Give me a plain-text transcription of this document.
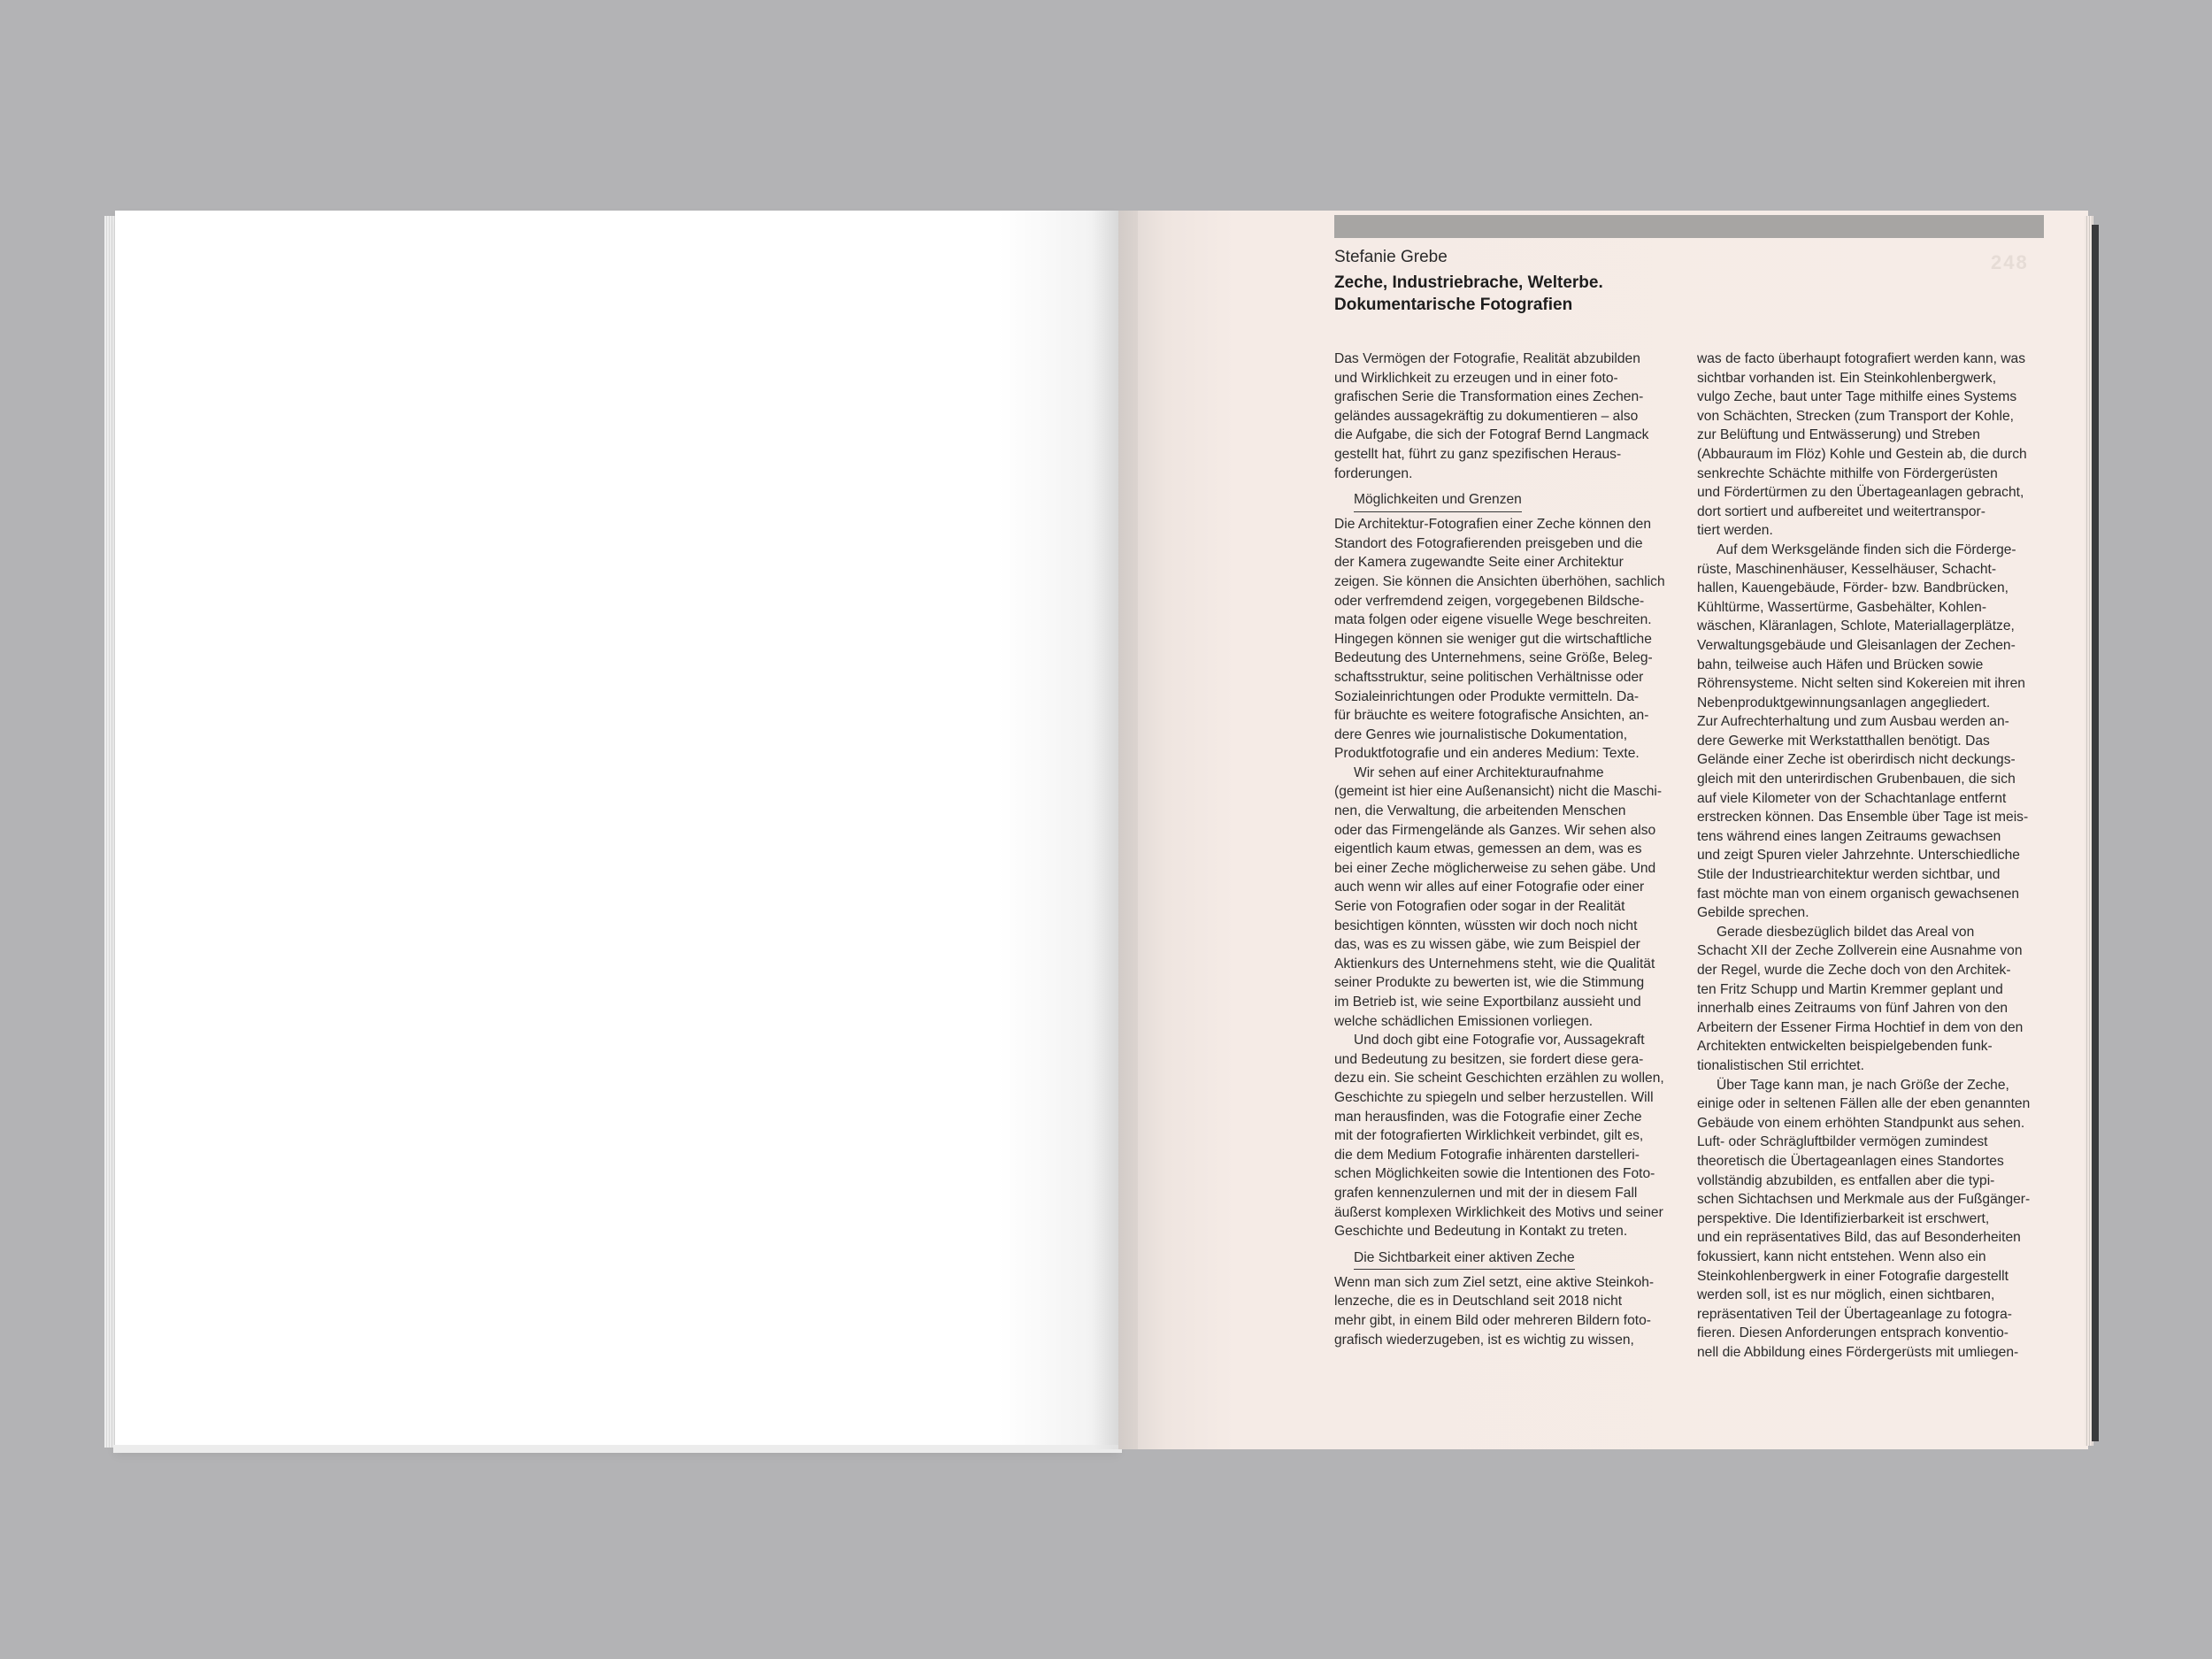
248
Stefanie Grebe
Zeche, Industriebrache, Welterbe.
Dokumentarische Fotografien
Das Vermögen der Fotografie, Realität abzubilden
und Wirklichkeit zu erzeugen und in einer foto-
grafischen Serie die Transformation eines Zechen-
geländes aussagekräftig zu dokumentieren – also
die Aufgabe, die sich der Fotograf Bernd Langmack
gestellt hat, führt zu ganz spezifischen Heraus-
forderungen.
Möglichkeiten und Grenzen
Die Architektur-Fotografien einer Zeche können den
Standort des Fotografierenden preisgeben und die
der Kamera zugewandte Seite einer Architektur
zeigen. Sie können die Ansichten überhöhen, sachlich
oder verfremdend zeigen, vorgegebenen Bildsche-
mata folgen oder eigene visuelle Wege beschreiten.
Hingegen können sie weniger gut die wirtschaftliche
Bedeutung des Unternehmens, seine Größe, Beleg-
schaftsstruktur, seine politischen Verhältnisse oder
Sozialeinrichtungen oder Produkte vermitteln. Da-
für bräuchte es weitere fotografische Ansichten, an-
dere Genres wie journalistische Dokumentation,
Produktfotografie und ein anderes Medium: Texte.
Wir sehen auf einer Architekturaufnahme
(gemeint ist hier eine Außenansicht) nicht die Maschi-
nen, die Verwaltung, die arbeitenden Menschen
oder das Firmengelände als Ganzes. Wir sehen also
eigentlich kaum etwas, gemessen an dem, was es
bei einer Zeche möglicherweise zu sehen gäbe. Und
auch wenn wir alles auf einer Fotografie oder einer
Serie von Fotografien oder sogar in der Realität
besichtigen könnten, wüssten wir doch noch nicht
das, was es zu wissen gäbe, wie zum Beispiel der
Aktienkurs des Unternehmens steht, wie die Qualität
seiner Produkte zu bewerten ist, wie die Stimmung
im Betrieb ist, wie seine Exportbilanz aussieht und
welche schädlichen Emissionen vorliegen.
Und doch gibt eine Fotografie vor, Aussagekraft
und Bedeutung zu besitzen, sie fordert diese gera-
dezu ein. Sie scheint Geschichten erzählen zu wollen,
Geschichte zu spiegeln und selber herzustellen. Will
man herausfinden, was die Fotografie einer Zeche
mit der fotografierten Wirklichkeit verbindet, gilt es,
die dem Medium Fotografie inhärenten darstelleri-
schen Möglichkeiten sowie die Intentionen des Foto-
grafen kennenzulernen und mit der in diesem Fall
äußerst komplexen Wirklichkeit des Motivs und seiner
Geschichte und Bedeutung in Kontakt zu treten.
Die Sichtbarkeit einer aktiven Zeche
Wenn man sich zum Ziel setzt, eine aktive Steinkoh-
lenzeche, die es in Deutschland seit 2018 nicht
mehr gibt, in einem Bild oder mehreren Bildern foto-
grafisch wiederzugeben, ist es wichtig zu wissen,
was de facto überhaupt fotografiert werden kann, was
sichtbar vorhanden ist. Ein Steinkohlenbergwerk,
vulgo Zeche, baut unter Tage mithilfe eines Systems
von Schächten, Strecken (zum Transport der Kohle,
zur Belüftung und Entwässerung) und Streben
(Abbauraum im Flöz) Kohle und Gestein ab, die durch
senkrechte Schächte mithilfe von Fördergerüsten
und Fördertürmen zu den Übertageanlagen gebracht,
dort sortiert und aufbereitet und weitertranspor-
tiert werden.
Auf dem Werksgelände finden sich die Förderge-
rüste, Maschinenhäuser, Kesselhäuser, Schacht-
hallen, Kauengebäude, Förder- bzw. Bandbrücken,
Kühltürme, Wassertürme, Gasbehälter, Kohlen-
wäschen, Kläranlagen, Schlote, Materiallagerplätze,
Verwaltungsgebäude und Gleisanlagen der Zechen-
bahn, teilweise auch Häfen und Brücken sowie
Röhrensysteme. Nicht selten sind Kokereien mit ihren
Nebenproduktgewinnungsanlagen angegliedert.
Zur Aufrechterhaltung und zum Ausbau werden an-
dere Gewerke mit Werkstatthallen benötigt. Das
Gelände einer Zeche ist oberirdisch nicht deckungs-
gleich mit den unterirdischen Grubenbauen, die sich
auf viele Kilometer von der Schachtanlage entfernt
erstrecken können. Das Ensemble über Tage ist meis-
tens während eines langen Zeitraums gewachsen
und zeigt Spuren vieler Jahrzehnte. Unterschiedliche
Stile der Industriearchitektur werden sichtbar, und
fast möchte man von einem organisch gewachsenen
Gebilde sprechen.
Gerade diesbezüglich bildet das Areal von
Schacht XII der Zeche Zollverein eine Ausnahme von
der Regel, wurde die Zeche doch von den Architek-
ten Fritz Schupp und Martin Kremmer geplant und
innerhalb eines Zeitraums von fünf Jahren von den
Arbeitern der Essener Firma Hochtief in dem von den
Architekten entwickelten beispielgebenden funk-
tionalistischen Stil errichtet.
Über Tage kann man, je nach Größe der Zeche,
einige oder in seltenen Fällen alle der eben genannten
Gebäude von einem erhöhten Standpunkt aus sehen.
Luft- oder Schrägluftbilder vermögen zumindest
theoretisch die Übertageanlagen eines Standortes
vollständig abzubilden, es entfallen aber die typi-
schen Sichtachsen und Merkmale aus der Fußgänger-
perspektive. Die Identifizierbarkeit ist erschwert,
und ein repräsentatives Bild, das auf Besonderheiten
fokussiert, kann nicht entstehen. Wenn also ein
Steinkohlenbergwerk in einer Fotografie dargestellt
werden soll, ist es nur möglich, einen sichtbaren,
repräsentativen Teil der Übertageanlage zu fotogra-
fieren. Diesen Anforderungen entsprach konventio-
nell die Abbildung eines Fördergerüsts mit umliegen-
